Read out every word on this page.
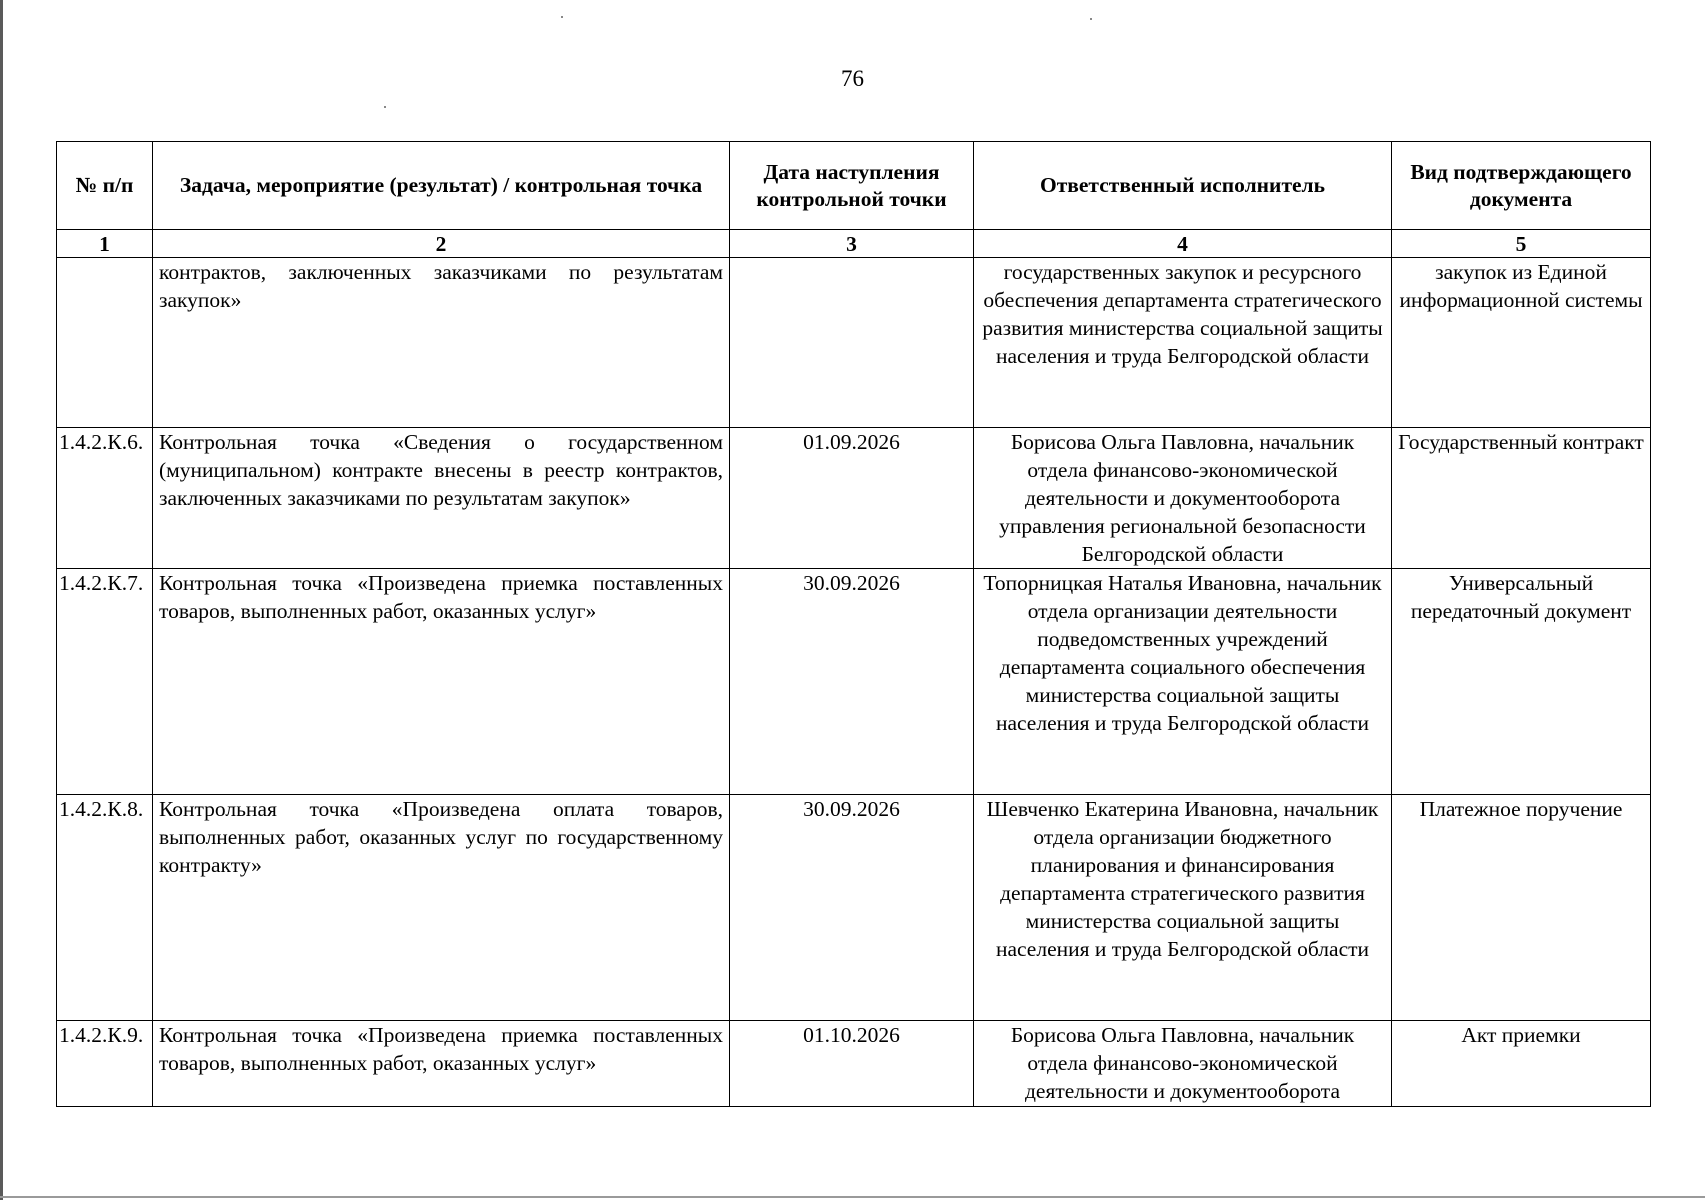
76
№ п/п	Задача, мероприятие (результат) / контрольная точка	Дата наступления контрольной точки	Ответственный исполнитель	Вид подтверждающего документа
1	2	3	4	5
	контрактов, заключенных заказчиками по результатам закупок»		государственных закупок и ресурсного обеспечения департамента стратегического развития министерства социальной защиты населения и труда Белгородской области	закупок из Единой информационной системы
1.4.2.К.6.	Контрольная точка «Сведения о государственном (муниципальном) контракте внесены в реестр контрактов, заключенных заказчиками по результатам закупок»	01.09.2026	Борисова Ольга Павловна, начальник отдела финансово-экономической деятельности и документооборота управления региональной безопасности Белгородской области	Государственный контракт
1.4.2.К.7.	Контрольная точка «Произведена приемка поставленных товаров, выполненных работ, оказанных услуг»	30.09.2026	Топорницкая Наталья Ивановна, начальник отдела организации деятельности подведомственных учреждений департамента социального обеспечения министерства социальной защиты населения и труда Белгородской области	Универсальный передаточный документ
1.4.2.К.8.	Контрольная точка «Произведена оплата товаров, выполненных работ, оказанных услуг по государственному контракту»	30.09.2026	Шевченко Екатерина Ивановна, начальник отдела организации бюджетного планирования и финансирования департамента стратегического развития министерства социальной защиты населения и труда Белгородской области	Платежное поручение
1.4.2.К.9.	Контрольная точка «Произведена приемка поставленных товаров, выполненных работ, оказанных услуг»	01.10.2026	Борисова Ольга Павловна, начальник отдела финансово-экономической деятельности и документооборота	Акт приемки
